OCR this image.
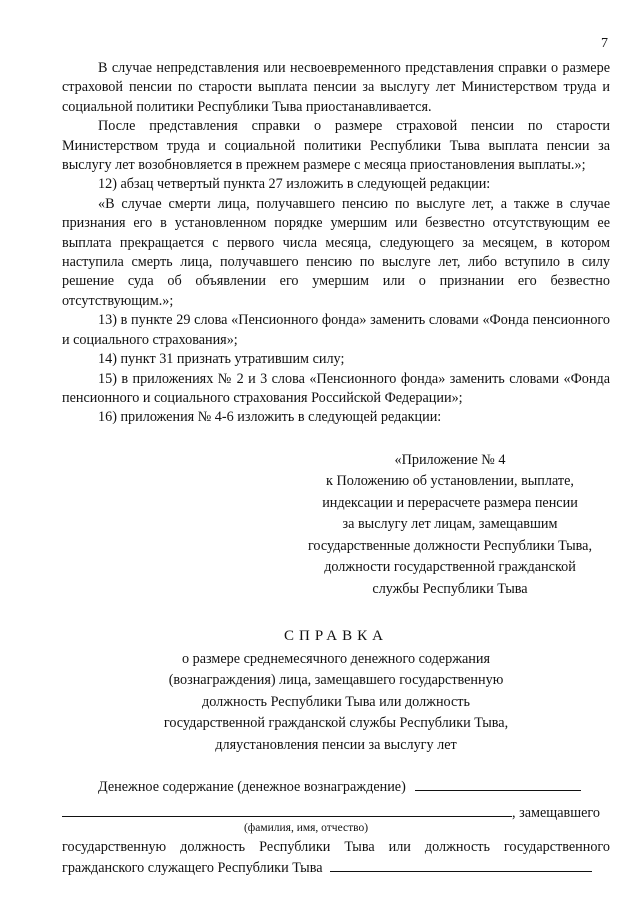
7

В случае непредставления или несвоевременного представления справки о размере страховой пенсии по старости выплата пенсии за выслугу лет Министерством труда и социальной политики Республики Тыва приостанавливается.

После представления справки о размере страховой пенсии по старости Министерством труда и социальной политики Республики Тыва выплата пенсии за выслугу лет возобновляется в прежнем размере с месяца приостановления выплаты.»;

12) абзац четвертый пункта 27 изложить в следующей редакции:

«В случае смерти лица, получавшего пенсию по выслуге лет, а также в случае признания его в установленном порядке умершим или безвестно отсутствующим ее выплата прекращается с первого числа месяца, следующего за месяцем, в котором наступила смерть лица, получавшего пенсию по выслуге лет, либо вступило в силу решение суда об объявлении его умершим или о признании его безвестно отсутствующим.»;

13) в пункте 29 слова «Пенсионного фонда» заменить словами «Фонда пенсионного и социального страхования»;

14) пункт 31 признать утратившим силу;

15) в приложениях № 2 и 3 слова «Пенсионного фонда» заменить словами «Фонда пенсионного и социального страхования Российской Федерации»;

16) приложения № 4-6 изложить в следующей редакции:

«Приложение № 4
к Положению об установлении, выплате,
индексации и перерасчете размера пенсии
за выслугу лет лицам, замещавшим
государственные должности Республики Тыва,
должности государственной гражданской
службы Республики Тыва
СПРАВКА
о размере среднемесячного денежного содержания
(вознаграждения) лица, замещавшего государственную
должность Республики Тыва или должность
государственной гражданской службы Республики Тыва,
дляустановления пенсии за выслугу лет
Денежное содержание (денежное вознаграждение)
, замещавшего
(фамилия, имя, отчество)
государственную должность Республики Тыва или должность государственного гражданского служащего Республики Тыва
